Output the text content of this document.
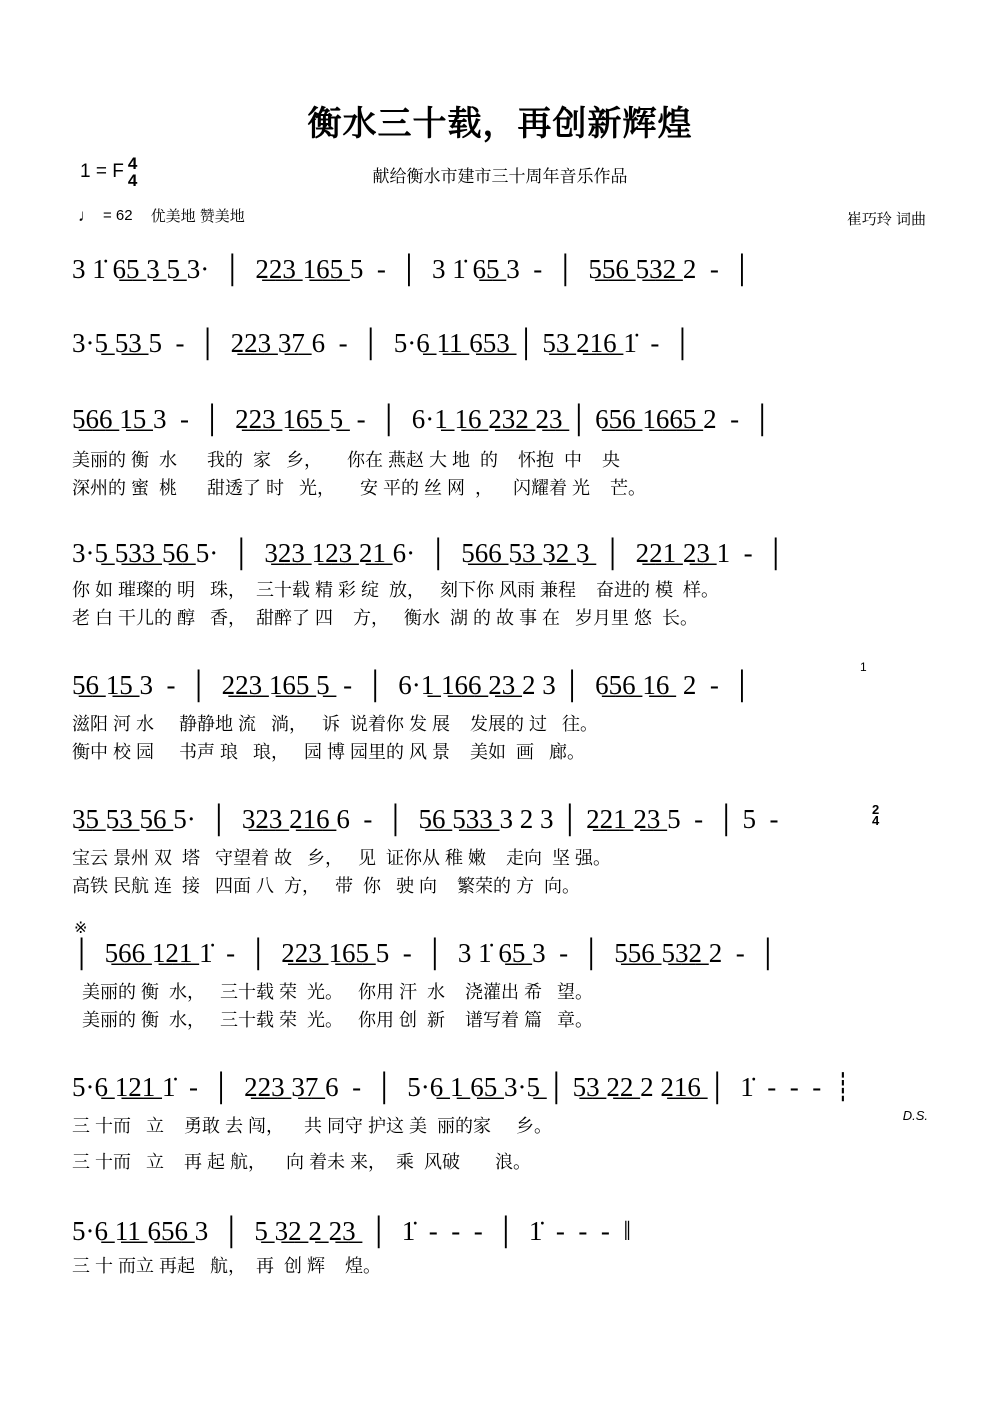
衡水三十载，再创新辉煌
献给衡水市建市三十周年音乐作品
1 = F 4
4
♩ = 62 优美地 赞美地	崔巧玲 词曲
3 1̇ 6̲5̲ 3̲ 5̲ 3·  │  2̲2̲3̲ 1̲6̲5̲ 5  -  │  3 1̇ 6̲5̲ 3  -  │  5̲5̲6̲ 5̲3̲2̲ 2  -  │
3·5̲ 5̲3̲ 5  -  │  2̲2̲3̲ 3̲7̲ 6  -  │  5·6̲ 1̲1̲ 6̲5̲3̲ │ 5̲3̲ 2̲1̲6̲ 1̇  -  │
5̲6̲6̲ 1̲5̲ 3  -  │  2̲2̲3̲ 1̲6̲5̲ 5̲  -  │  6·1̲ 1̲6̲ 2̲3̲2̲ 2̲3̲ │ 6̲5̲6̲ 1̲6̲6̲5̲ 2  -  │
美丽的 衡  水      我的  家   乡，     你在 燕赵 大 地  的    怀抱  中    央
深州的 蜜  桃      甜透了 时   光，     安 平的 丝 网  ，    闪耀着 光    芒。
3·5̲ 5̲3̲3̲ 5̲6̲ 5·  │  3̲2̲3̲ 1̲2̲3̲ 2̲1̲ 6·  │  5̲6̲6̲ 5̲3̲ 3̲2̲ 3̲  │  2̲2̲1̲ 2̲3̲ 1  -  │
你 如 璀璨的 明   珠，  三十载 精 彩 绽  放，   刻下你 风雨 兼程    奋进的 模  样。
老 白 干儿的 醇   香，  甜醉了 四    方，   衡水  湖 的 故 事 在   岁月里 悠  长。
5̲6̲ 1̲5̲ 3  -  │  2̲2̲3̲ 1̲6̲5̲ 5̲  -  │  6·1̲ 1̲6̲6̲ 2̲3̲ 2 3 │  6̲5̲6̲ 1̲6̲  2  -  │
1
滋阳 河 水     静静地 流   淌，   诉  说着你 发 展    发展的 过   往。
衡中 校 园     书声 琅   琅，   园 博 园里的 风 景    美如  画   廊。
3̲5̲ 5̲3̲ 5̲6̲ 5·  │  3̲2̲3̲ 2̲1̲6̲ 6  -  │  5̲6̲ 5̲3̲3̲ 3 2 3 │ 2̲2̲1̲ 2̲3̲ 5  -  │ 5  -	2
4
宝云 景州 双  塔   守望着 故   乡，   见  证你从 稚 嫩    走向  坚 强。
高铁 民航 连  接   四面 八  方，   带  你   驶 向    繁荣的 方  向。
※
│  5̲6̲6̲ 1̲2̲1̲ 1̇  -  │  2̲2̲3̲ 1̲6̲5̲ 5  -  │  3 1̇ 6̲5̲ 3  -  │  5̲5̲6̲ 5̲3̲2̲ 2  -  │
美丽的 衡  水，   三十载 荣  光。   你用 汗  水    浇灌出 希   望。
美丽的 衡  水，   三十载 荣  光。   你用 创  新    谱写着 篇   章。
5·6̲ 1̲2̲1̲ 1̇  -  │  2̲2̲3̲ 3̲7̲ 6  -  │  5·6̲ 1̲ 6̲5̲ 3·5̲ │ 5̲3̲ 2̲2̲ 2 2̲1̲6̲ │  1̇  -  -  -  ┊
D.S.
三 十而   立    勇敢 去 闯，    共 同守 护这 美  丽的家     乡。
三 十而   立    再 起 航，    向 着未 来，  乘  风破       浪。
5·6̲ 1̲1̲ 6̲5̲6̲ 3  │  5̲ 3̲2̲ 2̲ 2̲3̲  │  1̇  -  -  -  │  1̇  -  -  -  ‖
三 十 而立 再起   航，  再  创 辉    煌。
